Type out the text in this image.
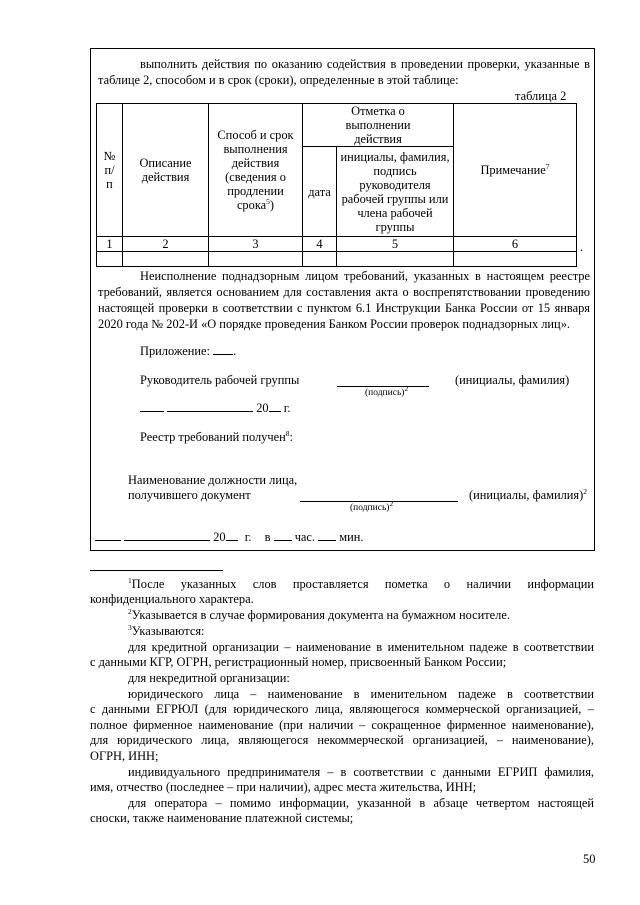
выполнить действия по оказанию содействия в проведении проверки, указанные в таблице 2, способом и в срок (сроки), определенные в этой таблице:
таблица 2
№ п/п	Описание действия	Способ и срок выполнения действия (сведения о продлении срока$^5$)	Отметка о выполнении действия		Примечание$^7$
			дата	инициалы, фамилия, подпись руководителя рабочей группы или члена рабочей группы	
1	2	3	4	5	6
						.
Неисполнение поднадзорным лицом требований, указанных в настоящем реестре требований, является основанием для составления акта о воспрепятствовании проведению настоящей проверки в соответствии с пунктом 6.1 Инструкции Банка России от 15 января 2020 года № 202-И «О порядке проведения Банком России проверок поднадзорных лиц».
Приложение: .
Руководитель рабочей группы
(подпись)$^2$
(инициалы, фамилия)
20 г.
Реестр требований получен$^8$:
Наименование должности лица,
получившего документ
(подпись)$^2$
(инициалы, фамилия)$^2$
20 г. в час. мин.
$^1$После указанных слов проставляется пометка о наличии информации
конфиденциального характера.
$^2$Указывается в случае формирования документа на бумажном носителе.
$^3$Указываются:
для кредитной организации – наименование в именительном падеже в соответствии
с данными КГР, ОГРН, регистрационный номер, присвоенный Банком России;
для некредитной организации:
юридического лица – наименование в именительном падеже в соответствии
с данными ЕГРЮЛ (для юридического лица, являющегося коммерческой организацией, –
полное фирменное наименование (при наличии – сокращенное фирменное наименование),
для юридического лица, являющегося некоммерческой организацией, – наименование),
ОГРН, ИНН;
индивидуального предпринимателя – в соответствии с данными ЕГРИП фамилия,
имя, отчество (последнее – при наличии), адрес места жительства, ИНН;
для оператора – помимо информации, указанной в абзаце четвертом настоящей
сноски, также наименование платежной системы;
50
